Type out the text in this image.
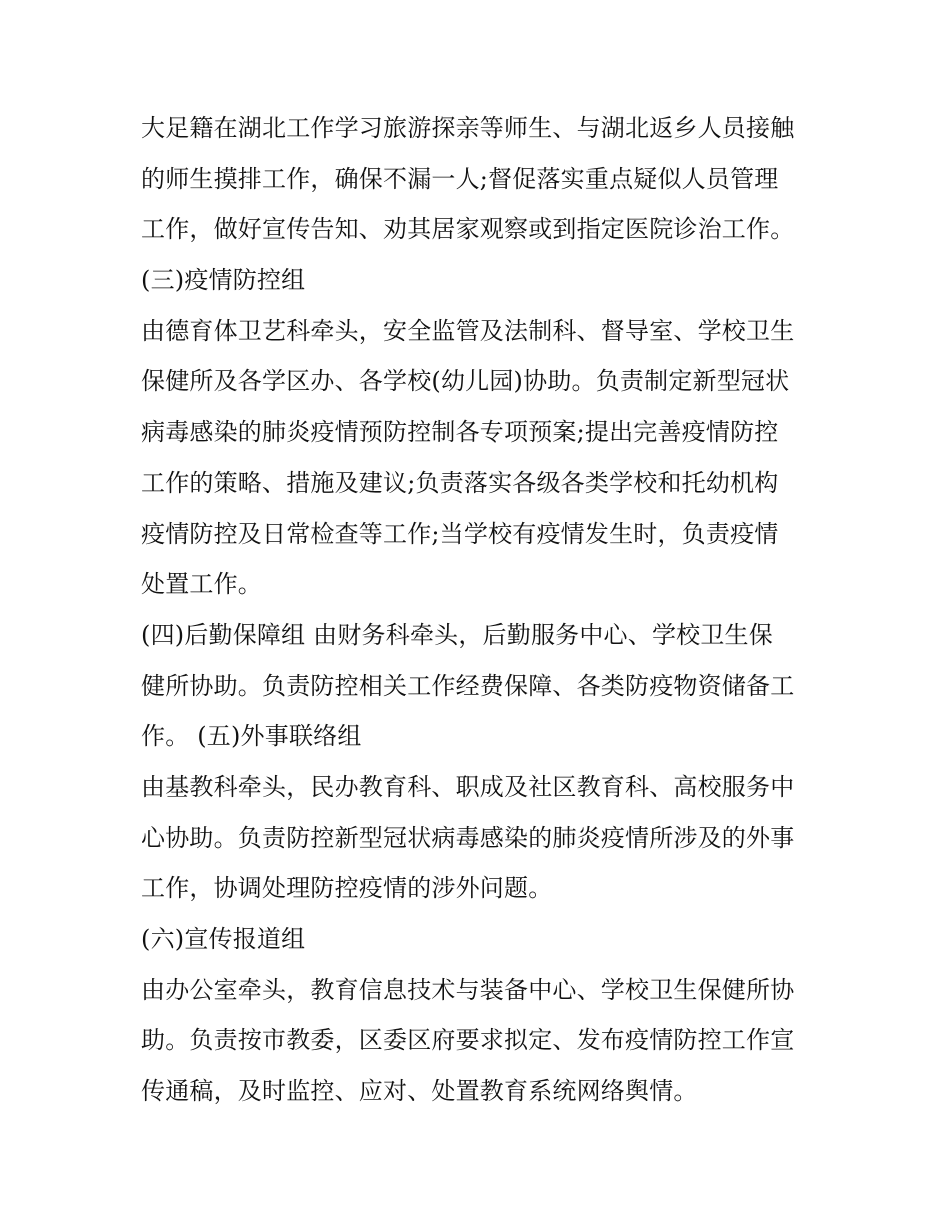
大足籍在湖北工作学习旅游探亲等师生、与湖北返乡人员接触
的师生摸排工作，确保不漏一人;督促落实重点疑似人员管理
工作，做好宣传告知、劝其居家观察或到指定医院诊治工作。
(三)疫情防控组
由德育体卫艺科牵头，安全监管及法制科、督导室、学校卫生
保健所及各学区办、各学校(幼儿园)协助。负责制定新型冠状
病毒感染的肺炎疫情预防控制各专项预案;提出完善疫情防控
工作的策略、措施及建议;负责落实各级各类学校和托幼机构
疫情防控及日常检查等工作;当学校有疫情发生时，负责疫情
处置工作。
(四)后勤保障组 由财务科牵头，后勤服务中心、学校卫生保
健所协助。负责防控相关工作经费保障、各类防疫物资储备工
作。 (五)外事联络组
由基教科牵头，民办教育科、职成及社区教育科、高校服务中
心协助。负责防控新型冠状病毒感染的肺炎疫情所涉及的外事
工作，协调处理防控疫情的涉外问题。
(六)宣传报道组
由办公室牵头，教育信息技术与装备中心、学校卫生保健所协
助。负责按市教委，区委区府要求拟定、发布疫情防控工作宣
传通稿，及时监控、应对、处置教育系统网络舆情。
